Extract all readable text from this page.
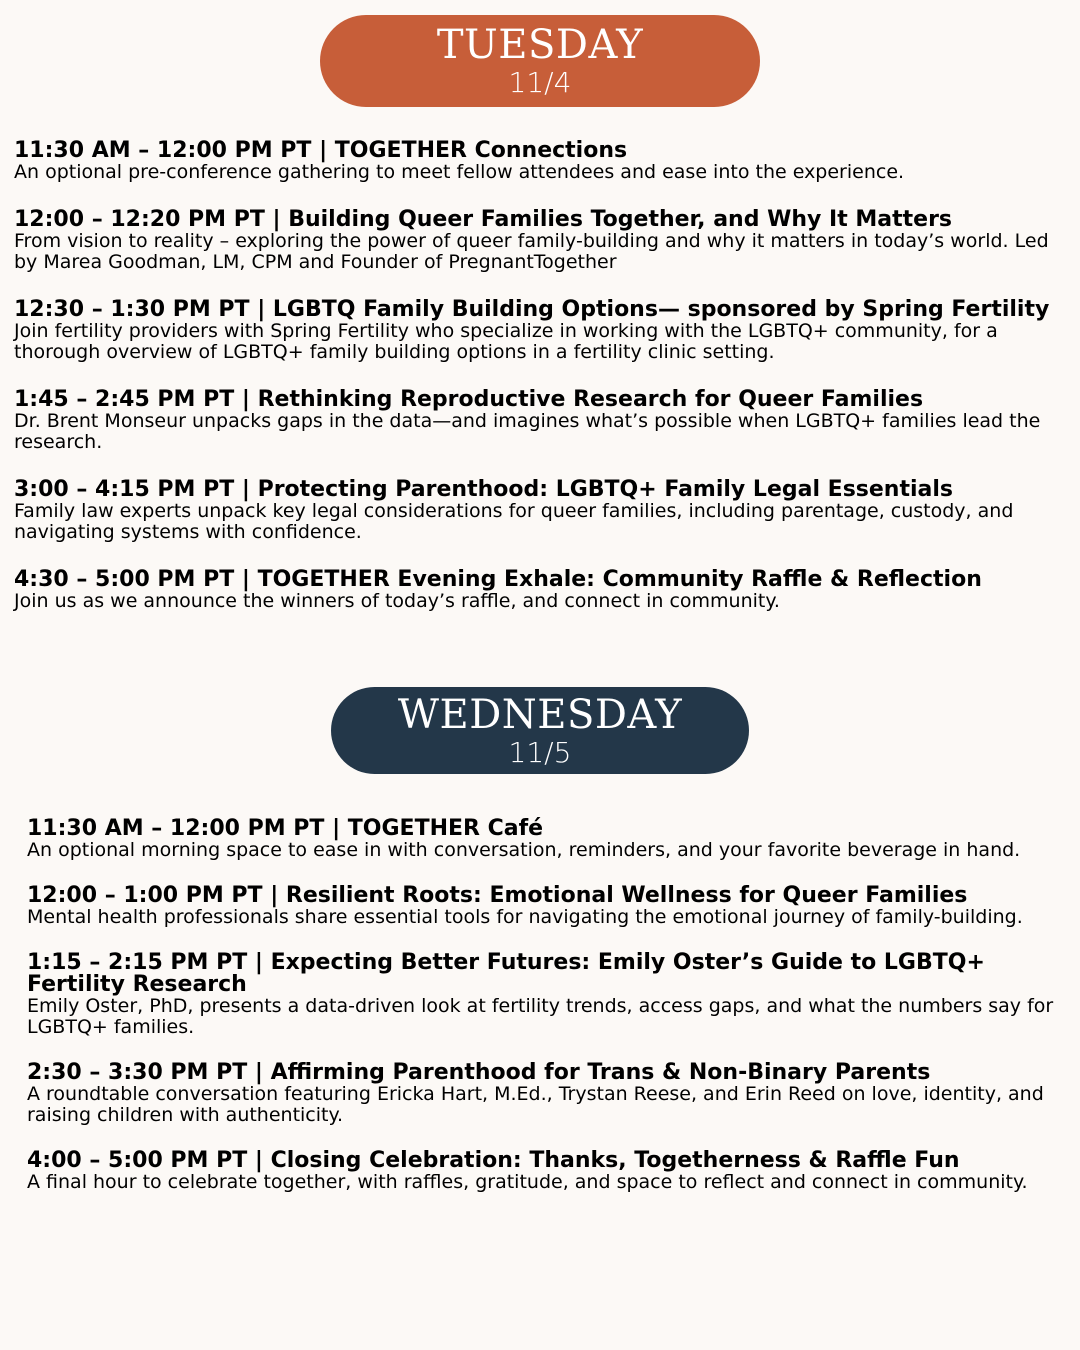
TUESDAY
11/4
11:30 AM – 12:00 PM PT | TOGETHER Connections
An optional pre-conference gathering to meet fellow attendees and ease into the experience.
12:00 – 12:20 PM PT | Building Queer Families Together, and Why It Matters
From vision to reality – exploring the power of queer family-building and why it matters in today’s world. Led by Marea Goodman, LM, CPM and Founder of PregnantTogether
12:30 – 1:30 PM PT | LGBTQ Family Building Options— sponsored by Spring Fertility
Join fertility providers with Spring Fertility who specialize in working with the LGBTQ+ community, for a thorough overview of LGBTQ+ family building options in a fertility clinic setting.
1:45 – 2:45 PM PT | Rethinking Reproductive Research for Queer Families
Dr. Brent Monseur unpacks gaps in the data—and imagines what’s possible when LGBTQ+ families lead the research.
3:00 – 4:15 PM PT | Protecting Parenthood: LGBTQ+ Family Legal Essentials
Family law experts unpack key legal considerations for queer families, including parentage, custody, and navigating systems with confidence.
4:30 – 5:00 PM PT | TOGETHER Evening Exhale: Community Raffle & Reflection
Join us as we announce the winners of today’s raffle, and connect in community.
WEDNESDAY
11/5
11:30 AM – 12:00 PM PT | TOGETHER Café
An optional morning space to ease in with conversation, reminders, and your favorite beverage in hand.
12:00 – 1:00 PM PT | Resilient Roots: Emotional Wellness for Queer Families
Mental health professionals share essential tools for navigating the emotional journey of family-building.
1:15 – 2:15 PM PT | Expecting Better Futures: Emily Oster’s Guide to LGBTQ+ Fertility Research
Emily Oster, PhD, presents a data-driven look at fertility trends, access gaps, and what the numbers say for LGBTQ+ families.
2:30 – 3:30 PM PT | Affirming Parenthood for Trans & Non-Binary Parents
A roundtable conversation featuring Ericka Hart, M.Ed., Trystan Reese, and Erin Reed on love, identity, and raising children with authenticity.
4:00 – 5:00 PM PT | Closing Celebration: Thanks, Togetherness & Raffle Fun
A final hour to celebrate together, with raffles, gratitude, and space to reflect and connect in community.
